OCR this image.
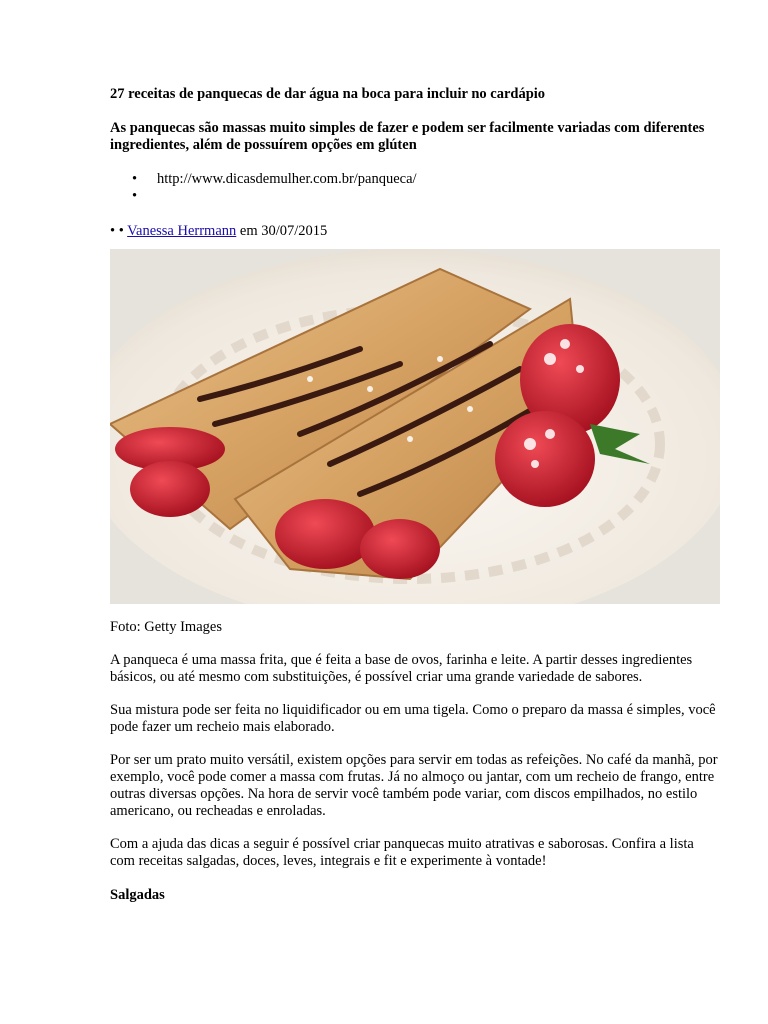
27 receitas de panquecas de dar água na boca para incluir no cardápio

As panquecas são massas muito simples de fazer e podem ser facilmente variadas com diferentes ingredientes, além de possuírem opções em glúten

• http://www.dicasdemulher.com.br/panqueca/
•
• • Vanessa Herrmann em 30/07/2015
Foto: Getty Images

A panqueca é uma massa frita, que é feita a base de ovos, farinha e leite. A partir desses ingredientes básicos, ou até mesmo com substituições, é possível criar uma grande variedade de sabores.

Sua mistura pode ser feita no liquidificador ou em uma tigela. Como o preparo da massa é simples, você pode fazer um recheio mais elaborado.

Por ser um prato muito versátil, existem opções para servir em todas as refeições. No café da manhã, por exemplo, você pode comer a massa com frutas. Já no almoço ou jantar, com um recheio de frango, entre outras diversas opções. Na hora de servir você também pode variar, com discos empilhados, no estilo americano, ou recheadas e enroladas.

Com a ajuda das dicas a seguir é possível criar panquecas muito atrativas e saborosas. Confira a lista com receitas salgadas, doces, leves, integrais e fit e experimente à vontade!

Salgadas
